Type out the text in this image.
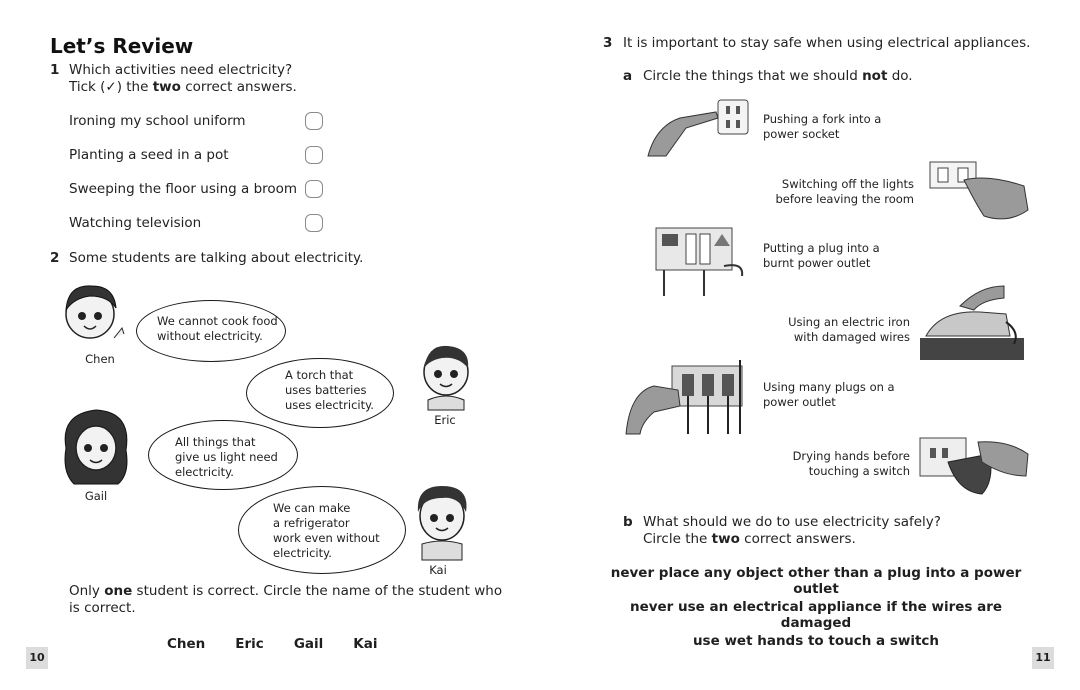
Let’s Review
1 Which activities need electricity?
Tick (✓) the two correct answers.
Ironing my school uniform
Planting a seed in a pot
Sweeping the floor using a broom
Watching television
2 Some students are talking about electricity.
Chen
We cannot cook food
without electricity.
A torch that
uses batteries
uses electricity.
Eric
Gail
All things that
give us light need
electricity.
We can make
a refrigerator
work even without
electricity.
Kai
Only one student is correct. Circle the name of the student who
is correct.
Chen Eric Gail Kai
10
3 It is important to stay safe when using electrical appliances.
a Circle the things that we should not do.
Pushing a fork into a
power socket
Switching off the lights
before leaving the room
Putting a plug into a
burnt power outlet
Using an electric iron
with damaged wires
Using many plugs on a
power outlet
Drying hands before
touching a switch
b What should we do to use electricity safely?
Circle the two correct answers.
never place any object other than a plug into a power outlet
never use an electrical appliance if the wires are damaged
use wet hands to touch a switch
11
